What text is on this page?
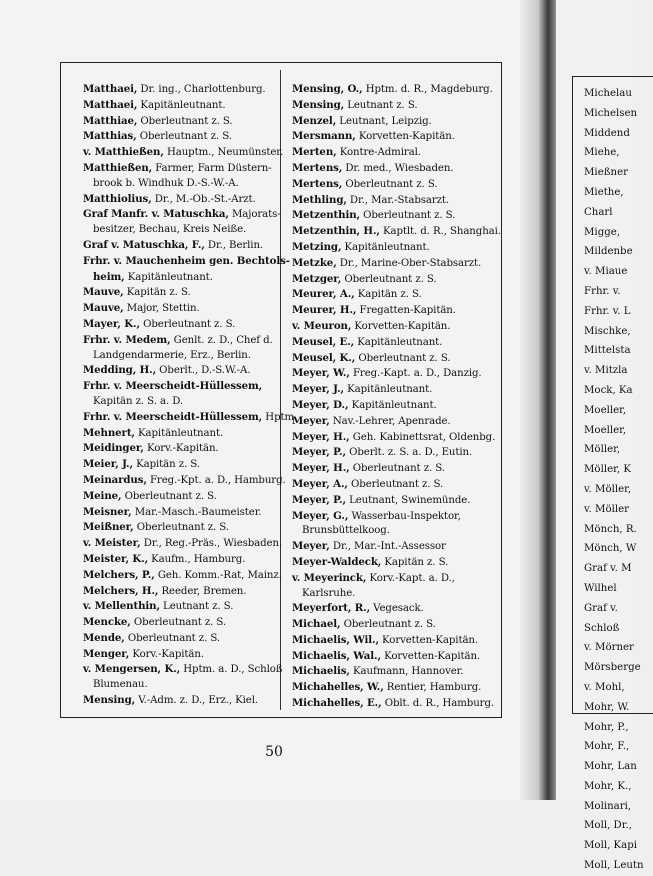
Matthaei, Dr. ing., Charlottenburg.
Matthaei, Kapitänleutnant.
Matthiae, Oberleutnant z. S.
Matthias, Oberleutnant z. S.
v. Matthießen, Hauptm., Neumünster.
Matthießen, Farmer, Farm Düstern-
brook b. Windhuk D.-S.-W.-A.
Matthiolius, Dr., M.-Ob.-St.-Arzt.
Graf Manfr. v. Matuschka, Majorats-
besitzer, Bechau, Kreis Neiße.
Graf v. Matuschka, F., Dr., Berlin.
Frhr. v. Mauchenheim gen. Bechtols-
heim, Kapitänleutnant.
Mauve, Kapitän z. S.
Mauve, Major, Stettin.
Mayer, K., Oberleutnant z. S.
Frhr. v. Medem, Genlt. z. D., Chef d.
Landgendarmerie, Erz., Berlin.
Medding, H., Oberlt., D.-S.W.-A.
Frhr. v. Meerscheidt-Hüllessem,
Kapitän z. S. a. D.
Frhr. v. Meerscheidt-Hüllessem, Hptm.
Mehnert, Kapitänleutnant.
Meidinger, Korv.-Kapitän.
Meier, J., Kapitän z. S.
Meinardus, Freg.-Kpt. a. D., Hamburg.
Meine, Oberleutnant z. S.
Meisner, Mar.-Masch.-Baumeister.
Meißner, Oberleutnant z. S.
v. Meister, Dr., Reg.-Präs., Wiesbaden.
Meister, K., Kaufm., Hamburg.
Melchers, P., Geh. Komm.-Rat, Mainz.
Melchers, H., Reeder, Bremen.
v. Mellenthin, Leutnant z. S.
Mencke, Oberleutnant z. S.
Mende, Oberleutnant z. S.
Menger, Korv.-Kapitän.
v. Mengersen, K., Hptm. a. D., Schloß
Blumenau.
Mensing, V.-Adm. z. D., Erz., Kiel.
Mensing, O., Hptm. d. R., Magdeburg.
Mensing, Leutnant z. S.
Menzel, Leutnant, Leipzig.
Mersmann, Korvetten-Kapitän.
Merten, Kontre-Admiral.
Mertens, Dr. med., Wiesbaden.
Mertens, Oberleutnant z. S.
Methling, Dr., Mar.-Stabsarzt.
Metzenthin, Oberleutnant z. S.
Metzenthin, H., Kaptlt. d. R., Shanghai.
Metzing, Kapitänleutnant.
Metzke, Dr., Marine-Ober-Stabsarzt.
Metzger, Oberleutnant z. S.
Meurer, A., Kapitän z. S.
Meurer, H., Fregatten-Kapitän.
v. Meuron, Korvetten-Kapitän.
Meusel, E., Kapitänleutnant.
Meusel, K., Oberleutnant z. S.
Meyer, W., Freg.-Kapt. a. D., Danzig.
Meyer, J., Kapitänleutnant.
Meyer, D., Kapitänleutnant.
Meyer, Nav.-Lehrer, Apenrade.
Meyer, H., Geh. Kabinettsrat, Oldenbg.
Meyer, P., Oberlt. z. S. a. D., Eutin.
Meyer, H., Oberleutnant z. S.
Meyer, A., Oberleutnant z. S.
Meyer, P., Leutnant, Swinemünde.
Meyer, G., Wasserbau-Inspektor,
Brunsbüttelkoog.
Meyer, Dr., Mar.-Int.-Assessor
Meyer-Waldeck, Kapitän z. S.
v. Meyerinck, Korv.-Kapt. a. D.,
Karlsruhe.
Meyerfort, R., Vegesack.
Michael, Oberleutnant z. S.
Michaelis, Wil., Korvetten-Kapitän.
Michaelis, Wal., Korvetten-Kapitän.
Michaelis, Kaufmann, Hannover.
Michahelles, W., Rentier, Hamburg.
Michahelles, E., Oblt. d. R., Hamburg.
50
Michelau
Michelsen
Middend
Miehe,
Mießner
Miethe,
Charl
Migge,
Mildenbe
v. Miaue
Frhr. v.
Frhr. v. L
Mischke,
Mittelsta
v. Mitzla
Mock, Ka
Moeller,
Moeller,
Möller,
Möller, K
v. Möller,
v. Möller
Mönch, R.
Mönch, W
Graf v. M
Wilhel
Graf v.
Schloß
v. Mörner
Mörsberge
v. Mohl,
Mohr, W.
Mohr, P.,
Mohr, F.,
Mohr, Lan
Mohr, K.,
Molinari,
Moll, Dr.,
Moll, Kapi
Moll, Leutn
